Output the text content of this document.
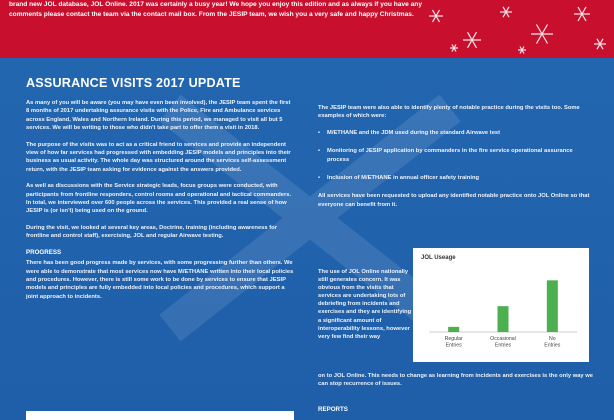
brand new JOL database, JOL Online. 2017 was certainly a busy year! We hope you enjoy this edition and as always if you have any comments please contact the team via the contact mail box. From the JESIP team, we wish you a very safe and happy Christmas.

ASSURANCE VISITS 2017 UPDATE

As many of you will be aware (you may have even been involved), the JESIP team spent the first 8 months of 2017 undertaking assurance visits with the Police, Fire and Ambulance services across England, Wales and Northern Ireland. During this period, we managed to visit all but 5 services. We will be writing to those who didn't take part to offer them a visit in 2018.

The purpose of the visits was to act as a critical friend to services and provide an independent view of how far services had progressed with embedding JESIP models and principles into their business as usual activity. The whole day was structured around the services self-assessment return, with the JESIP team asking for evidence against the answers provided.

As well as discussions with the Service strategic leads, focus groups were conducted, with participants from frontline responders, control rooms and operational and tactical commanders. In total, we interviewed over 600 people across the services. This provided a real sense of how JESIP is (or isn't) being used on the ground.

During the visit, we looked at several key areas, Doctrine, training (including awareness for frontline and control staff), exercising, JOL and regular Airwave testing.

PROGRESS

There has been good progress made by services, with some progressing further than others. We were able to demonstrate that most services now have M/ETHANE written into their local policies and procedures. However, there is still some work to be done by services to ensure that JESIP models and principles are fully embedded into local policies and procedures, which support a joint approach to incidents.

The JESIP team were also able to identify plenty of notable practice during the visits too. Some examples of which were:

• M/ETHANE and the JDM used during the standard Airwave test
• Monitoring of JESIP application by commanders in the fire service operational assurance process
• Inclusion of M/ETHANE in annual officer safety training

All services have been requested to upload any identified notable practice onto JOL Online so that everyone can benefit from it.

The use of JOL Online nationally still generates concern. It was obvious from the visits that services are undertaking lots of debriefing from incidents and exercises and they are identifying a significant amount of interoperability lessons, however very few find their way
on to JOL Online. This needs to change as learning from incidents and exercises is the only way we can stop recurrence of issues.
JOL Useage
Regular
Entries
Occasional
Entries
No
Entries
REPORTS
